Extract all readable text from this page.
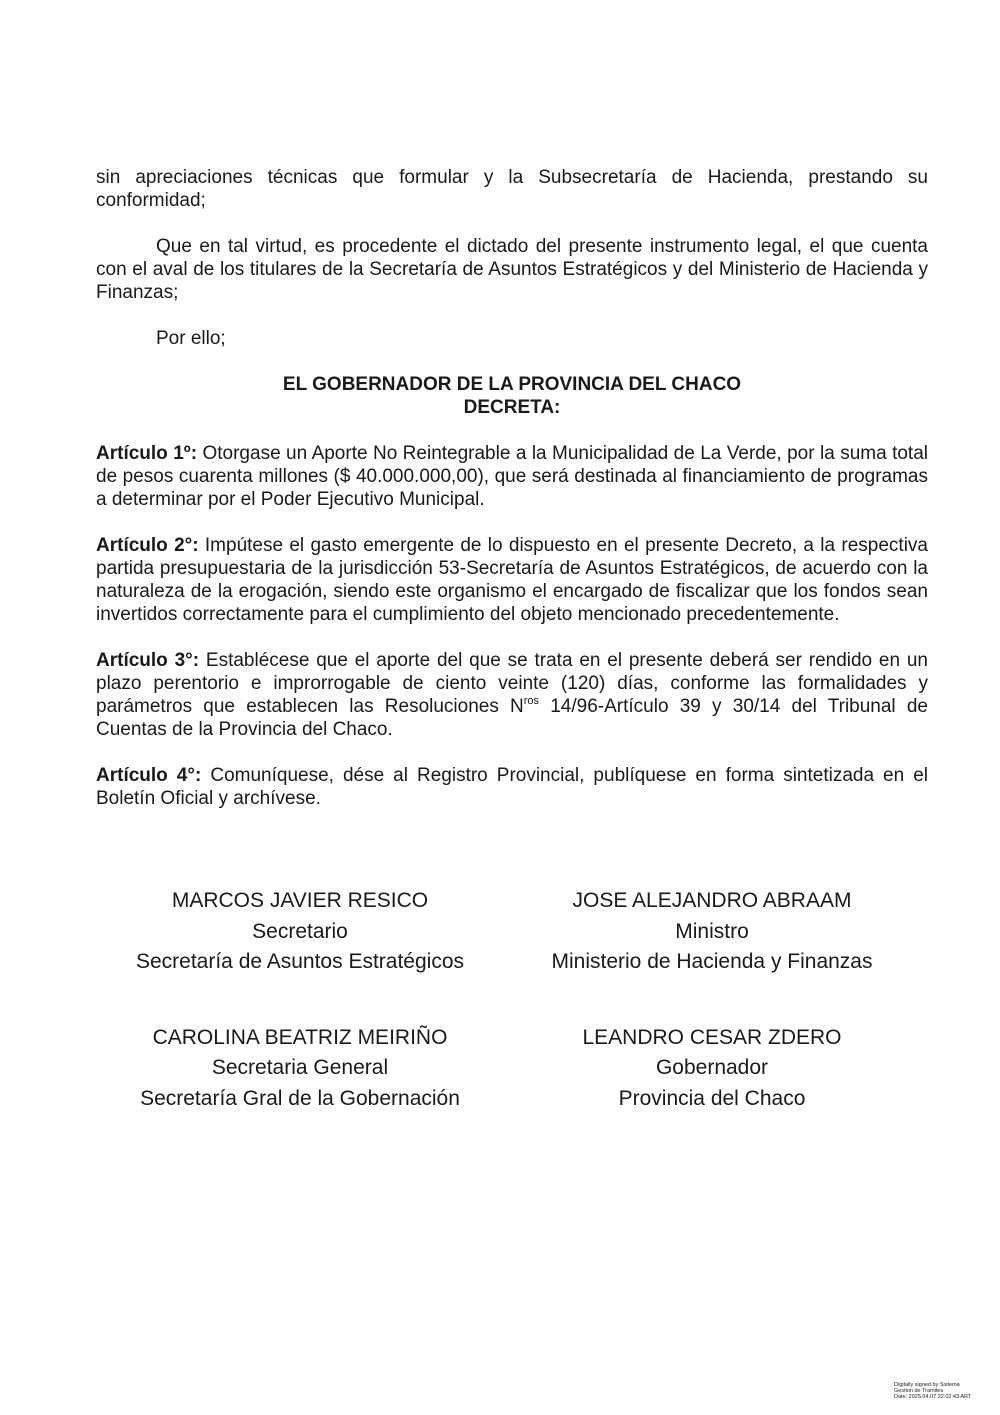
sin apreciaciones técnicas que formular y la Subsecretaría de Hacienda, prestando su conformidad;

Que en tal virtud, es procedente el dictado del presente instrumento legal, el que cuenta con el aval de los titulares de la Secretaría de Asuntos Estratégicos y del Ministerio de Hacienda y Finanzas;

Por ello;

EL GOBERNADOR DE LA PROVINCIA DEL CHACO
DECRETA:

Artículo 1º: Otorgase un Aporte No Reintegrable a la Municipalidad de La Verde, por la suma total de pesos cuarenta millones ($ 40.000.000,00), que será destinada al financiamiento de programas a determinar por el Poder Ejecutivo Municipal.

Artículo 2°: Impútese el gasto emergente de lo dispuesto en el presente Decreto, a la respectiva partida presupuestaria de la jurisdicción 53-Secretaría de Asuntos Estratégicos, de acuerdo con la naturaleza de la erogación, siendo este organismo el encargado de fiscalizar que los fondos sean invertidos correctamente para el cumplimiento del objeto mencionado precedentemente.

Artículo 3°: Establécese que el aporte del que se trata en el presente deberá ser rendido en un plazo perentorio e improrrogable de ciento veinte (120) días, conforme las formalidades y parámetros que establecen las Resoluciones $N^{ros}$ 14/96-Artículo 39 y 30/14 del Tribunal de Cuentas de la Provincia del Chaco.

Artículo 4°: Comuníquese, dése al Registro Provincial, publíquese en forma sintetizada en el Boletín Oficial y archívese.

MARCOS JAVIER RESICO
Secretario
Secretaría de Asuntos Estratégicos
JOSE ALEJANDRO ABRAAM
Ministro
Ministerio de Hacienda y Finanzas
CAROLINA BEATRIZ MEIRIÑO
Secretaria General
Secretaría Gral de la Gobernación
LEANDRO CESAR ZDERO
Gobernador
Provincia del Chaco
Digitally signed by Sistema
Gestion de Tramites
Date: 2025.04.07 22:02:43 ART
